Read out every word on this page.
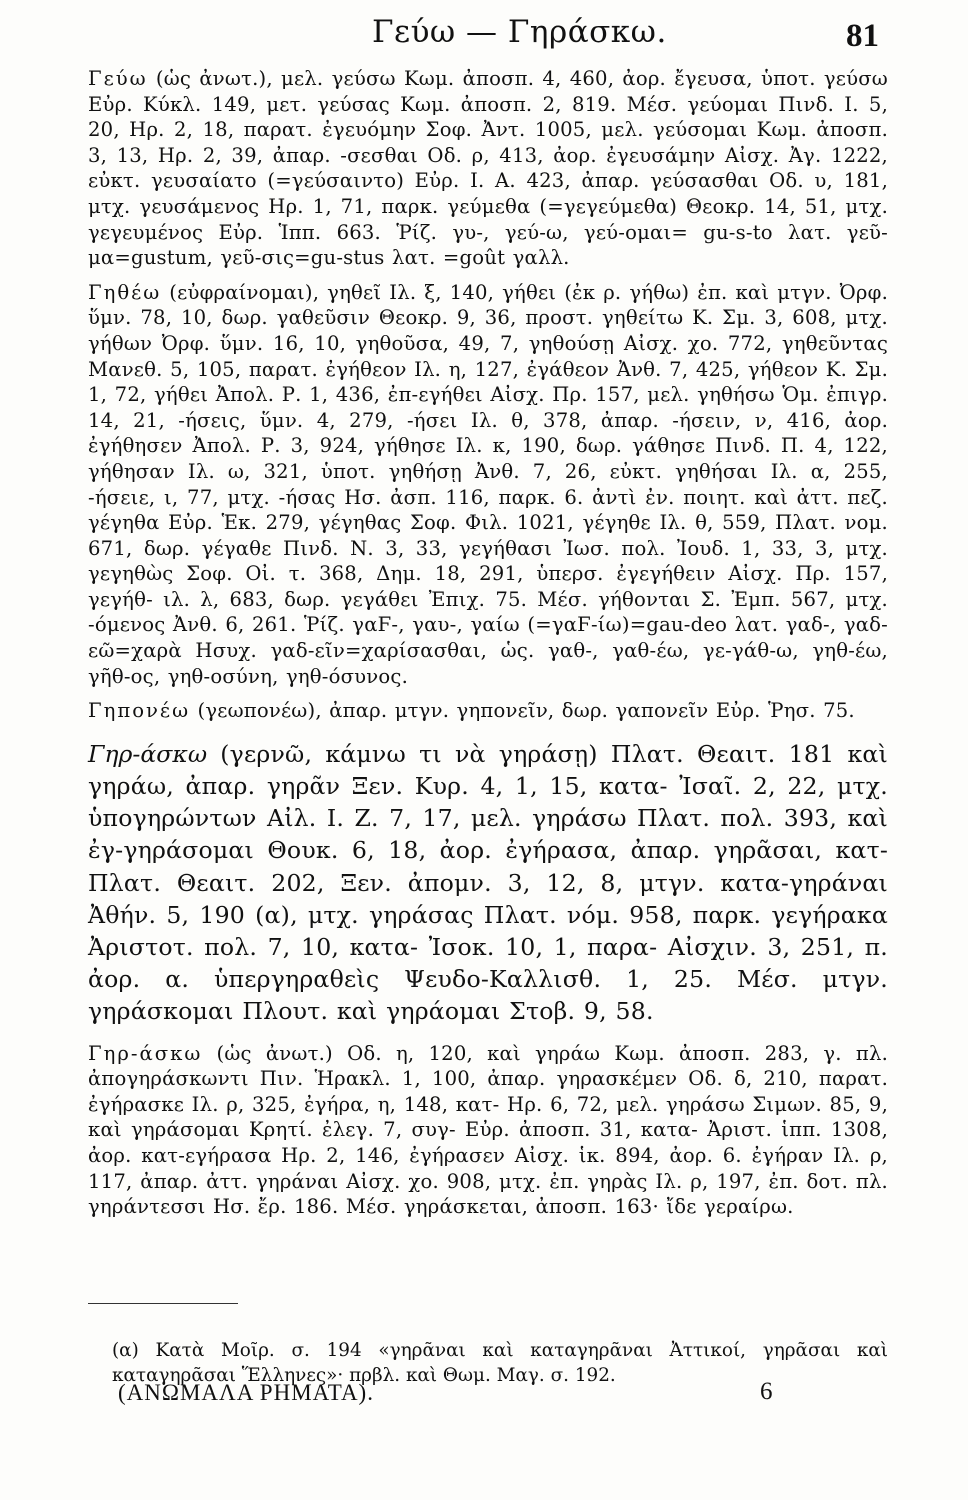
Γεύω — Γηράσκω.	81

Γεύω (ὡς ἀνωτ.), μελ. γεύσω Κωμ. ἀποσπ. 4, 460, ἀορ. ἔγευσα, ὑποτ. γεύσω Εὐρ. Κύκλ. 149, μετ. γεύσας Κωμ. ἀποσπ. 2, 819. Μέσ. γεύομαι Πινδ. Ι. 5, 20, Ηρ. 2, 18, παρατ. ἐγευόμην Σοφ. Ἀντ. 1005, μελ. γεύσομαι Κωμ. ἀποσπ. 3, 13, Ηρ. 2, 39, ἀπαρ. -σεσθαι Οδ. ρ, 413, ἀορ. ἐγευσάμην Αἰσχ. Ἀγ. 1222, εὐκτ. γευσαίατο (=γεύσαιντο) Εὐρ. Ι. Α. 423, ἀπαρ. γεύσασθαι Οδ. υ, 181, μτχ. γευσάμενος Ηρ. 1, 71, παρκ. γεύμεθα (=γεγεύμεθα) Θεοκρ. 14, 51, μτχ. γεγευμένος Εὐρ. Ἱππ. 663. Ῥίζ. γυ-, γεύ-ω, γεύ-ομαι= gu-s-to λατ. γεῦ-μα=gustum, γεῦ-σις=gu-stus λατ. =goût γαλλ.

Γηθέω (εὐφραίνομαι), γηθεῖ Ιλ. ξ, 140, γήθει (ἐκ ρ. γήθω) ἐπ. καὶ μτγν. Ὀρφ. ὕμν. 78, 10, δωρ. γαθεῦσιν Θεοκρ. 9, 36, προστ. γηθείτω Κ. Σμ. 3, 608, μτχ. γήθων Ὀρφ. ὕμν. 16, 10, γηθοῦσα, 49, 7, γηθούσῃ Αἰσχ. χο. 772, γηθεῦντας Μανεθ. 5, 105, παρατ. ἐγήθεον Ιλ. η, 127, ἐγάθεον Ἀνθ. 7, 425, γήθεον Κ. Σμ. 1, 72, γήθει Ἀπολ. Ρ. 1, 436, ἐπ-εγήθει Αἰσχ. Πρ. 157, μελ. γηθήσω Ὁμ. ἐπιγρ. 14, 21, -ήσεις, ὕμν. 4, 279, -ήσει Ιλ. θ, 378, ἀπαρ. -ήσειν, ν, 416, ἀορ. ἐγήθησεν Ἀπολ. Ρ. 3, 924, γήθησε Ιλ. κ, 190, δωρ. γάθησε Πινδ. Π. 4, 122, γήθησαν Ιλ. ω, 321, ὑποτ. γηθήσῃ Ἀνθ. 7, 26, εὐκτ. γηθήσαι Ιλ. α, 255, -ήσειε, ι, 77, μτχ. -ήσας Ησ. ἀσπ. 116, παρκ. 6. ἀντὶ ἐν. ποιητ. καὶ ἀττ. πεζ. γέγηθα Εὐρ. Ἑκ. 279, γέγηθας Σοφ. Φιλ. 1021, γέγηθε Ιλ. θ, 559, Πλατ. νομ. 671, δωρ. γέγαθε Πινδ. Ν. 3, 33, γεγήθασι Ἰωσ. πολ. Ἰουδ. 1, 33, 3, μτχ. γεγηθὼς Σοφ. Οἰ. τ. 368, Δημ. 18, 291, ὑπερσ. ἐγεγήθειν Αἰσχ. Πρ. 157, γεγήθ- ιλ. λ, 683, δωρ. γεγάθει Ἐπιχ. 75. Μέσ. γήθονται Σ. Ἐμπ. 567, μτχ. -όμενος Ἀνθ. 6, 261. Ῥίζ. γαϜ-, γαυ-, γαίω (=γαϜ-ίω)=gau-deo λατ. γαδ-, γαδ-εῶ=χαρὰ Ησυχ. γαδ-εῖν=χαρίσασθαι, ὡς. γαθ-, γαθ-έω, γε-γάθ-ω, γηθ-έω, γῆθ-ος, γηθ-οσύνη, γηθ-όσυνος.

Γηπονέω (γεωπονέω), ἀπαρ. μτγν. γηπονεῖν, δωρ. γαπονεῖν Εὐρ. Ῥησ. 75.

Γηρ-άσκω (γερνῶ, κάμνω τι νὰ γηράσῃ) Πλατ. Θεαιτ. 181 καὶ γηράω, ἀπαρ. γηρᾶν Ξεν. Κυρ. 4, 1, 15, κατα- Ἰσαῖ. 2, 22, μτχ. ὑπογηρώντων Αἰλ. Ι. Ζ. 7, 17, μελ. γηράσω Πλατ. πολ. 393, καὶ ἐγ-γηράσομαι Θουκ. 6, 18, ἀορ. ἐγήρασα, ἀπαρ. γηρᾶσαι, κατ- Πλατ. Θεαιτ. 202, Ξεν. ἀπομν. 3, 12, 8, μτγν. κατα-γηράναι Ἀθήν. 5, 190 (α), μτχ. γηράσας Πλατ. νόμ. 958, παρκ. γεγήρακα Ἀριστοτ. πολ. 7, 10, κατα- Ἰσοκ. 10, 1, παρα- Αἰσχιν. 3, 251, π. ἀορ. α. ὑπεργηραθεὶς Ψευδο-Καλλισθ. 1, 25. Μέσ. μτγν. γηράσκομαι Πλουτ. καὶ γηράομαι Στοβ. 9, 58.

Γηρ-άσκω (ὡς ἀνωτ.) Οδ. η, 120, καὶ γηράω Κωμ. ἀποσπ. 283, γ. πλ. ἀπογηράσκωντι Πιν. Ἡρακλ. 1, 100, ἀπαρ. γηρασκέμεν Οδ. δ, 210, παρατ. ἐγήρασκε Ιλ. ρ, 325, ἐγήρα, η, 148, κατ- Ηρ. 6, 72, μελ. γηράσω Σιμων. 85, 9, καὶ γηράσομαι Κρητί. ἐλεγ. 7, συγ- Εὐρ. ἀποσπ. 31, κατα- Ἀριστ. ἱππ. 1308, ἀορ. κατ-εγήρασα Ηρ. 2, 146, ἐγήρασεν Αἰσχ. ἱκ. 894, ἀορ. 6. ἐγήραν Ιλ. ρ, 117, ἀπαρ. ἀττ. γηράναι Αἰσχ. χο. 908, μτχ. ἐπ. γηρὰς Ιλ. ρ, 197, ἐπ. δοτ. πλ. γηράντεσσι Ησ. ἔρ. 186. Μέσ. γηράσκεται, ἀποσπ. 163· ἴδε γεραίρω.

(α) Κατὰ Μοῖρ. σ. 194 «γηρᾶναι καὶ καταγηρᾶναι Ἀττικοί, γηρᾶσαι καὶ καταγηρᾶσαι Ἕλληνες»· πρβλ. καὶ Θωμ. Μαγ. σ. 192.

(ΑΝΩΜΑΛΑ ΡΗΜΑΤΑ).	6
